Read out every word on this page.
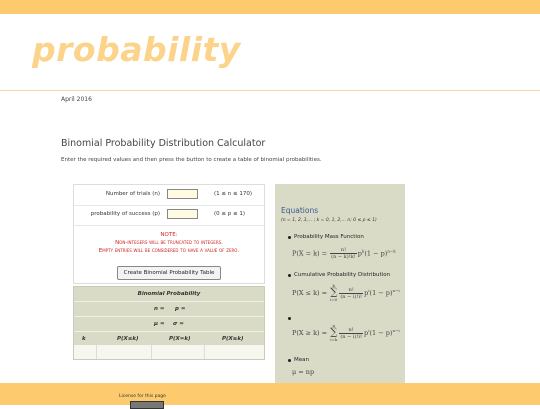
probability
April 2016
Binomial Probability Distribution Calculator
Enter the required values and then press the button to create a table of binomial probabilities.
Number of trials (n)	(1 ≤ n ≤ 170)
probability of success (p)	(0 ≤ p ≤ 1)
NOTE:
Non-integers will be truncated to integers.
Empty entries will be considered to have a value of zero.
Create Binomial Probability Table
Binomial Probability
n = p =
μ = σ =
k	P(X≤k)	P(X=k)	P(X≥k)
Equations
(n = 1, 2, 3,... ; k = 0, 1, 2,... n; 0 ≤ p ≤ 1)
Probability Mass Function
$P(X = k) = \frac{n!}{(n - k)!k!} p^k(1 - p)^{n-k}$
Cumulative Probability Distribution
P(X ≤ k) = k
∑
$i=0 \frac{n!}{(n - i)!i!} p^i(1 - p)^{n-i}$
P(X ≥ k) = n
∑
$i=k \frac{n!}{(n - i)!i!} p^i(1 - p)^{n-i}$
Mean
μ = np
License for this page
